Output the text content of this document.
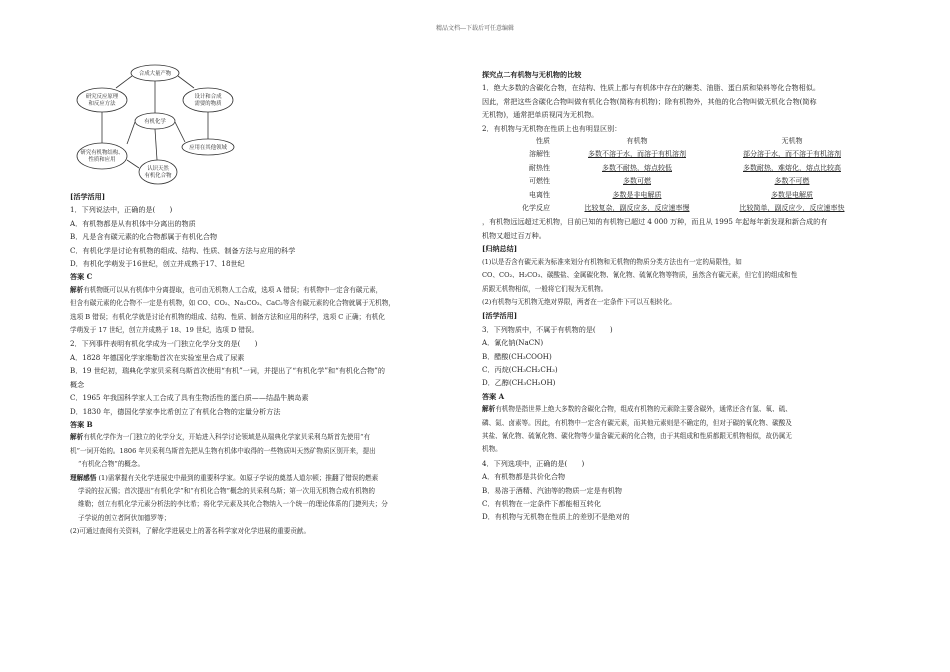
精品文档---下载后可任意编辑
合成大量产物
研究反应原理
和反应方法
设计和合成
需要的物质
有机化学
研究有机物结构、
性质和应用
认识天然
有机化合物
应用在其他领域

[活学活用]

1．下列说法中，正确的是(　　)

A．有机物都是从有机体中分离出的物质

B．凡是含有碳元素的化合物都属于有机化合物

C．有机化学是讨论有机物的组成、结构、性质、制备方法与应用的科学

D．有机化学萌发于16世纪，创立并成熟于17、18世纪

答案 C

解析有机物既可以从有机体中分离提取，也可由无机物人工合成，选项 A 错误；有机物中一定含有碳元素，

但含有碳元素的化合物不一定是有机物，如 CO、CO₂、Na₂CO₃、CaC₂等含有碳元素的化合物就属于无机物，

选项 B 错误；有机化学就是讨论有机物的组成、结构、性质、制备方法和应用的科学，选项 C 正确；有机化

学萌发于 17 世纪，创立并成熟于 18、19 世纪，选项 D 错误。

2．下列事件表明有机化学成为一门独立化学分支的是(　　)

A．1828 年德国化学家维勒首次在实验室里合成了尿素

B．19 世纪初，瑞典化学家贝采利乌斯首次使用“有机”一词，并提出了“有机化学”和“有机化合物”的

概念

C．1965 年我国科学家人工合成了具有生物活性的蛋白质——结晶牛胰岛素

D．1830 年，德国化学家李比希创立了有机化合物的定量分析方法

答案 B

解析有机化学作为一门独立的化学分支，开始进入科学讨论领域是从瑞典化学家贝采利乌斯首先使用“有

机”一词开始的。1806 年贝采利乌斯首先把从生物有机体中取得的一些物质叫天然矿物质区别开来，提出

“有机化合物”的概念。

理解感悟 (1)需掌握有关化学进展史中最到的重要科学家。如原子学说的奠基人道尔顿；推翻了错误的燃素

学说的拉瓦锡；首次提出“有机化学”和“有机化合物”概念的贝采利乌斯；第一次用无机物合成有机物的

维勒；创立有机化学元素分析法的李比希；将化学元素及其化合物纳入一个统一的理论体系的门捷列夫；分

子学说的创立者阿伏加德罗等；

(2)可通过查阅有关资料，了解化学进展史上的著名科学家对化学进展的重要贡献。

探究点二有机物与无机物的比较

1．绝大多数的含碳化合物，在结构、性质上都与有机体中存在的糖类、油脂、蛋白质和染料等化合物相似。

因此，常把这些含碳化合物叫做有机化合物(简称有机物)；除有机物外，其他的化合物叫做无机化合物(简称

无机物)，通常把单质视同为无机物。

2．有机物与无机物在性质上也有明显区别：

性质	有机物	无机物
溶解性	多数不溶于水，而溶于有机溶剂	部分溶于水，而不溶于有机溶剂
耐热性	多数不耐热，熔点较低	多数耐热，难熔化，熔点比较高
可燃性	多数可燃	多数不可燃
电离性	多数是非电解质	多数是电解质
化学反应	比较复杂，副反应多，反应速率慢	比较简单，副反应少，反应速率快

，有机物远远超过无机物，目前已知的有机物已超过 4 000 万种，而且从 1995 年起每年新发现和新合成的有

机物又超过百万种。

[归纳总结]

(1)以是否含有碳元素为标准来划分有机物和无机物的物质分类方法也有一定的局限性，如

CO、CO₂、H₂CO₃、碳酸盐、金属碳化物、氰化物、硫氰化物等物质，虽然含有碳元素，但它们的组成和性

质跟无机物相似，一般将它们视为无机物。

(2)有机物与无机物无绝对界限，两者在一定条件下可以互相转化。

[活学活用]

3．下列物质中，不属于有机物的是(　　)

A．氰化钠(NaCN)

B．醋酸(CH₃COOH)

C．丙烷(CH₃CH₂CH₃)

D．乙醇(CH₃CH₂OH)

答案 A

解析有机物是指世界上绝大多数的含碳化合物，组成有机物的元素除主要含碳外，通常还含有氢、氧、硫、

磷、氮、卤素等。因此，有机物中一定含有碳元素，而其他元素则是不确定的，但对于碳的氧化物、碳酸及

其盐、氰化物、硫氰化物、碳化物等少量含碳元素的化合物，由于其组成和性质都跟无机物相似，故仍属无

机物。

4．下列选项中，正确的是(　　)

A．有机物都是共价化合物

B．易溶于酒精、汽油等的物质一定是有机物

C．有机物在一定条件下都能相互转化

D．有机物与无机物在性质上的差别不是绝对的
